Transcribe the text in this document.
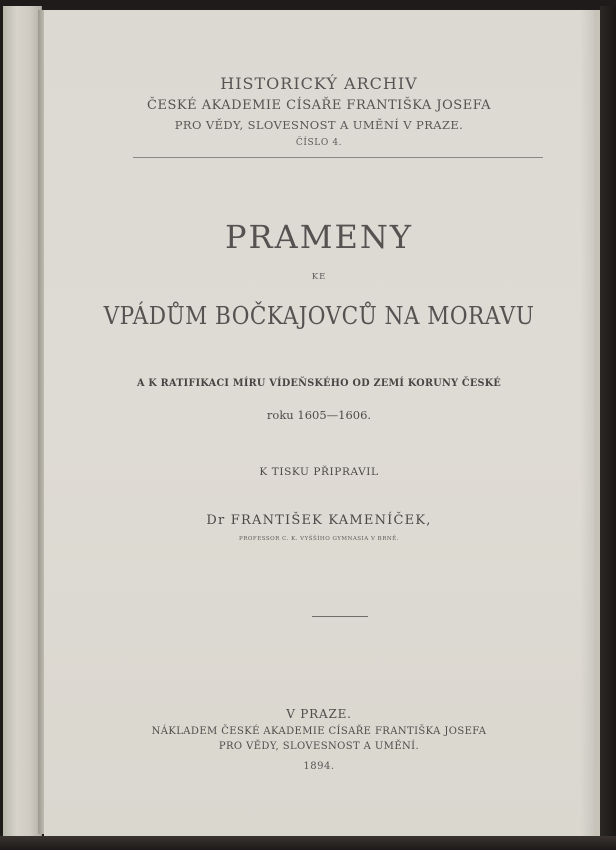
HISTORICKÝ ARCHIV
ČESKÉ AKADEMIE CÍSAŘE FRANTIŠKA JOSEFA
PRO VĚDY, SLOVESNOST A UMĚNÍ V PRAZE.
ČÍSLO 4.
PRAMENY
KE
VPÁDŮM BOČKAJOVCŮ NA MORAVU
A K RATIFIKACI MÍRU VÍDEŇSKÉHO OD ZEMÍ KORUNY ČESKÉ
roku 1605—1606.
K TISKU PŘIPRAVIL
Dr FRANTIŠEK KAMENÍČEK,
PROFESSOR C. K. VYŠŠÍHO GYMNASIA V BRNĚ.
V PRAZE.
NÁKLADEM ČESKÉ AKADEMIE CÍSAŘE FRANTIŠKA JOSEFA
PRO VĚDY, SLOVESNOST A UMĚNÍ.
1894.
